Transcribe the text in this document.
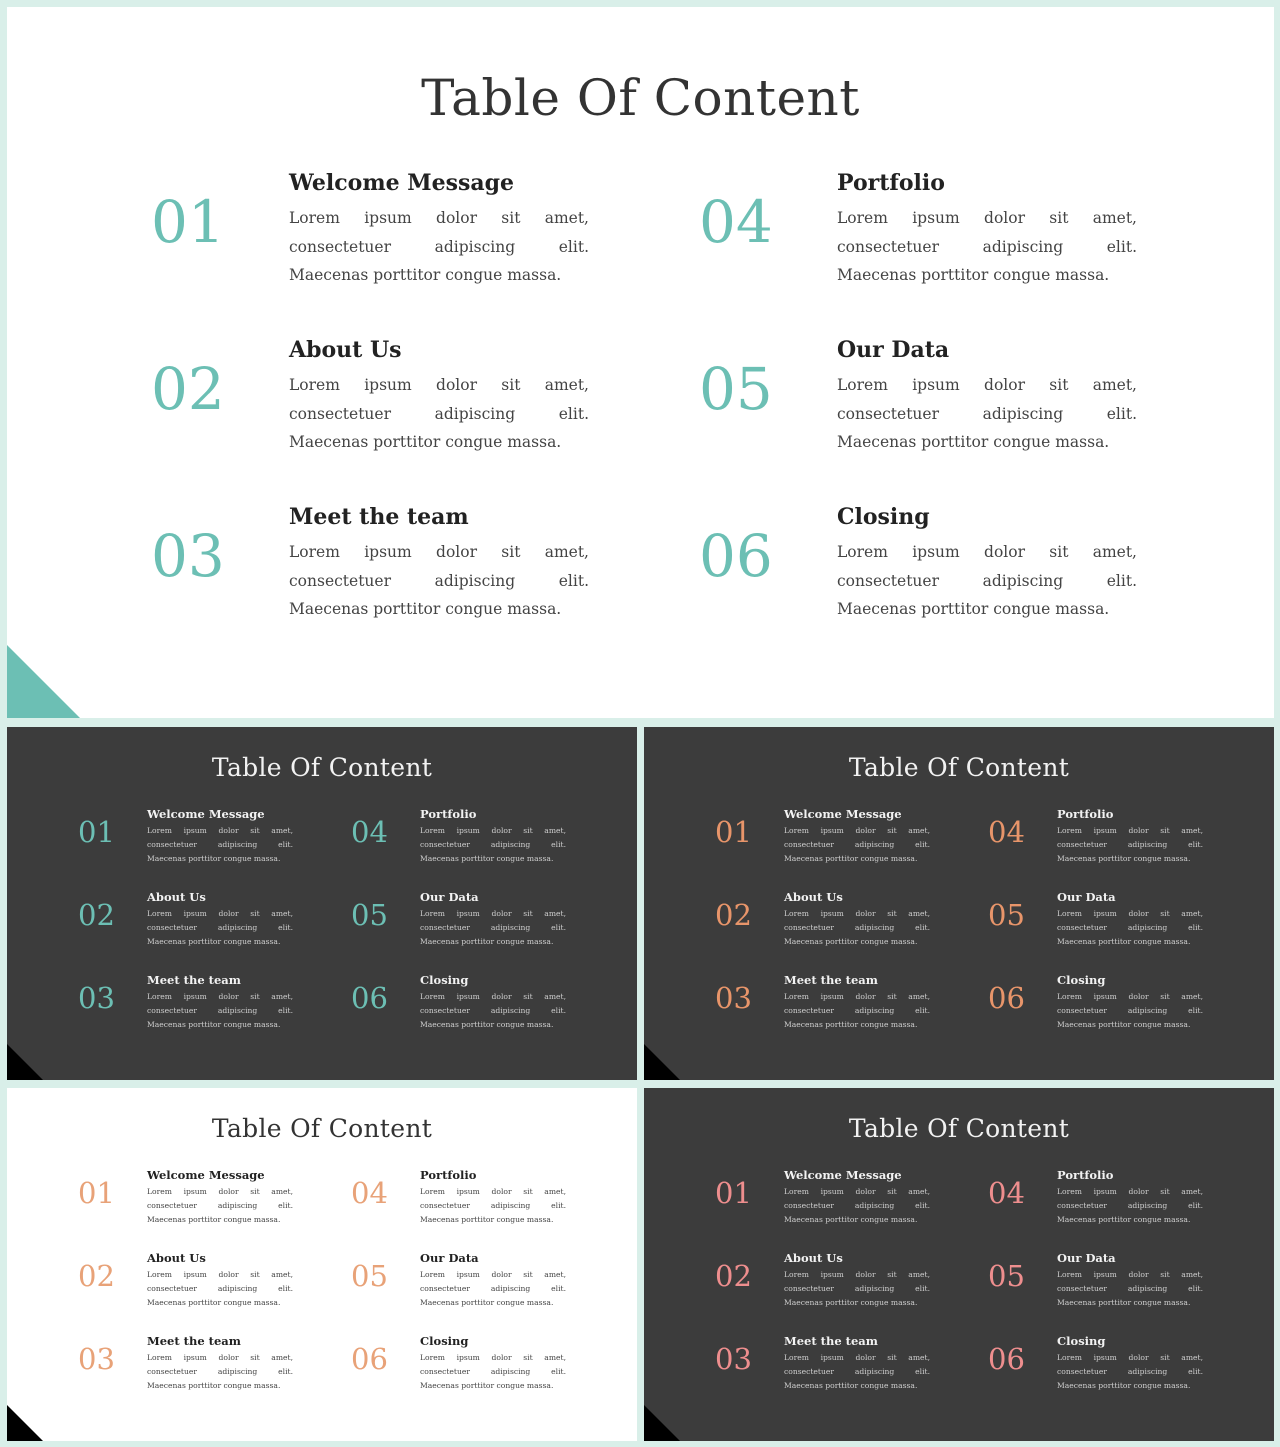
Table Of Content
01
Welcome Message
Lorem ipsum dolor sit amet, consectetuer adipiscing elit. Maecenas porttitor congue massa.
02
About Us
Lorem ipsum dolor sit amet, consectetuer adipiscing elit. Maecenas porttitor congue massa.
03
Meet the team
Lorem ipsum dolor sit amet, consectetuer adipiscing elit. Maecenas porttitor congue massa.
04
Portfolio
Lorem ipsum dolor sit amet, consectetuer adipiscing elit. Maecenas porttitor congue massa.
05
Our Data
Lorem ipsum dolor sit amet, consectetuer adipiscing elit. Maecenas porttitor congue massa.
06
Closing
Lorem ipsum dolor sit amet, consectetuer adipiscing elit. Maecenas porttitor congue massa.
Table Of Content
01
Welcome Message
Lorem ipsum dolor sit amet, consectetuer adipiscing elit. Maecenas porttitor congue massa.
02
About Us
Lorem ipsum dolor sit amet, consectetuer adipiscing elit. Maecenas porttitor congue massa.
03
Meet the team
Lorem ipsum dolor sit amet, consectetuer adipiscing elit. Maecenas porttitor congue massa.
04
Portfolio
Lorem ipsum dolor sit amet, consectetuer adipiscing elit. Maecenas porttitor congue massa.
05
Our Data
Lorem ipsum dolor sit amet, consectetuer adipiscing elit. Maecenas porttitor congue massa.
06
Closing
Lorem ipsum dolor sit amet, consectetuer adipiscing elit. Maecenas porttitor congue massa.
Table Of Content
01
Welcome Message
Lorem ipsum dolor sit amet, consectetuer adipiscing elit. Maecenas porttitor congue massa.
02
About Us
Lorem ipsum dolor sit amet, consectetuer adipiscing elit. Maecenas porttitor congue massa.
03
Meet the team
Lorem ipsum dolor sit amet, consectetuer adipiscing elit. Maecenas porttitor congue massa.
04
Portfolio
Lorem ipsum dolor sit amet, consectetuer adipiscing elit. Maecenas porttitor congue massa.
05
Our Data
Lorem ipsum dolor sit amet, consectetuer adipiscing elit. Maecenas porttitor congue massa.
06
Closing
Lorem ipsum dolor sit amet, consectetuer adipiscing elit. Maecenas porttitor congue massa.
Table Of Content
01
Welcome Message
Lorem ipsum dolor sit amet, consectetuer adipiscing elit. Maecenas porttitor congue massa.
02
About Us
Lorem ipsum dolor sit amet, consectetuer adipiscing elit. Maecenas porttitor congue massa.
03
Meet the team
Lorem ipsum dolor sit amet, consectetuer adipiscing elit. Maecenas porttitor congue massa.
04
Portfolio
Lorem ipsum dolor sit amet, consectetuer adipiscing elit. Maecenas porttitor congue massa.
05
Our Data
Lorem ipsum dolor sit amet, consectetuer adipiscing elit. Maecenas porttitor congue massa.
06
Closing
Lorem ipsum dolor sit amet, consectetuer adipiscing elit. Maecenas porttitor congue massa.
Table Of Content
01
Welcome Message
Lorem ipsum dolor sit amet, consectetuer adipiscing elit. Maecenas porttitor congue massa.
02
About Us
Lorem ipsum dolor sit amet, consectetuer adipiscing elit. Maecenas porttitor congue massa.
03
Meet the team
Lorem ipsum dolor sit amet, consectetuer adipiscing elit. Maecenas porttitor congue massa.
04
Portfolio
Lorem ipsum dolor sit amet, consectetuer adipiscing elit. Maecenas porttitor congue massa.
05
Our Data
Lorem ipsum dolor sit amet, consectetuer adipiscing elit. Maecenas porttitor congue massa.
06
Closing
Lorem ipsum dolor sit amet, consectetuer adipiscing elit. Maecenas porttitor congue massa.
